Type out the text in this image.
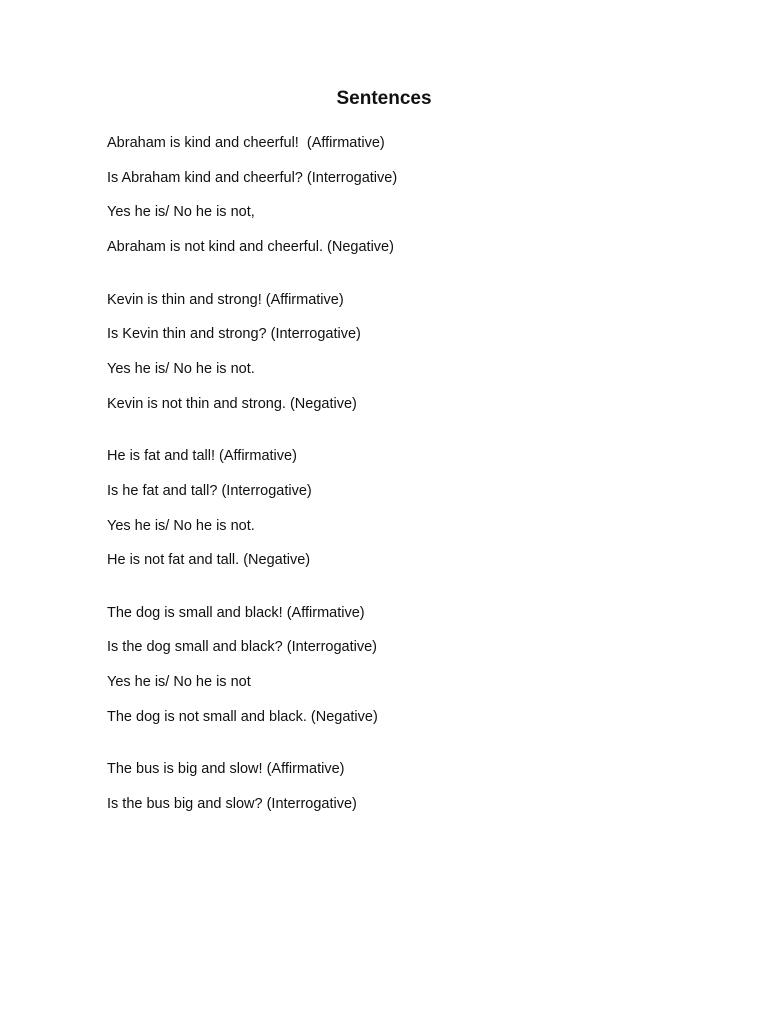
Sentences
Abraham is kind and cheerful!  (Affirmative)
Is Abraham kind and cheerful? (Interrogative)
Yes he is/ No he is not,
Abraham is not kind and cheerful. (Negative)
Kevin is thin and strong! (Affirmative)
Is Kevin thin and strong? (Interrogative)
Yes he is/ No he is not.
Kevin is not thin and strong. (Negative)
He is fat and tall! (Affirmative)
Is he fat and tall? (Interrogative)
Yes he is/ No he is not.
He is not fat and tall. (Negative)
The dog is small and black! (Affirmative)
Is the dog small and black? (Interrogative)
Yes he is/ No he is not
The dog is not small and black. (Negative)
The bus is big and slow! (Affirmative)
Is the bus big and slow? (Interrogative)
